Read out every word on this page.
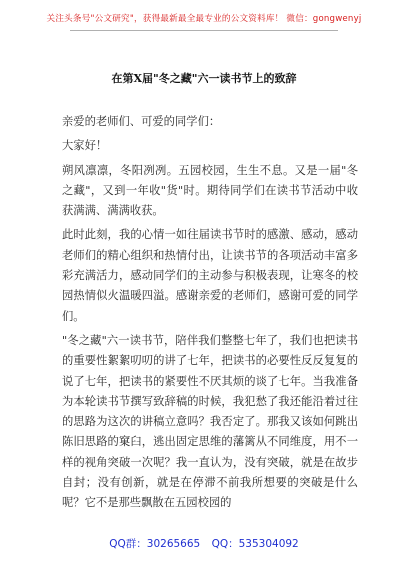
关注头条号"公文研究"，获得最新最全最专业的公文资料库！ 微信：gongwenyj
在第X届"冬之藏"六一读书节上的致辞

亲爱的老师们、可爱的同学们：

大家好！

朔风凛凛，冬阳冽冽。五园校园，生生不息。又是一届"冬之藏"，又到一年收"货"时。期待同学们在读书节活动中收获满满、满满收获。

此时此刻，我的心情一如往届读书节时的感激、感动，感动老师们的精心组织和热情付出，让读书节的各项活动丰富多彩充满活力，感动同学们的主动参与积极表现，让寒冬的校园热情似火温暖四溢。感谢亲爱的老师们，感谢可爱的同学们。

"冬之藏"六一读书节，陪伴我们整整七年了，我们也把读书的重要性絮絮叨叨的讲了七年，把读书的必要性反反复复的说了七年，把读书的紧要性不厌其烦的谈了七年。当我准备为本轮读书节撰写致辞稿的时候，我犯愁了我还能沿着过往的思路为这次的讲稿立意吗？我否定了。那我又该如何跳出陈旧思路的窠臼，逃出固定思维的藩篱从不同维度，用不一样的视角突破一次呢？我一直认为，没有突破，就是在故步自封；没有创新，就是在停滞不前我所想要的突破是什么呢？它不是那些飘散在五园校园的

QQ群：30265665 QQ：535304092
